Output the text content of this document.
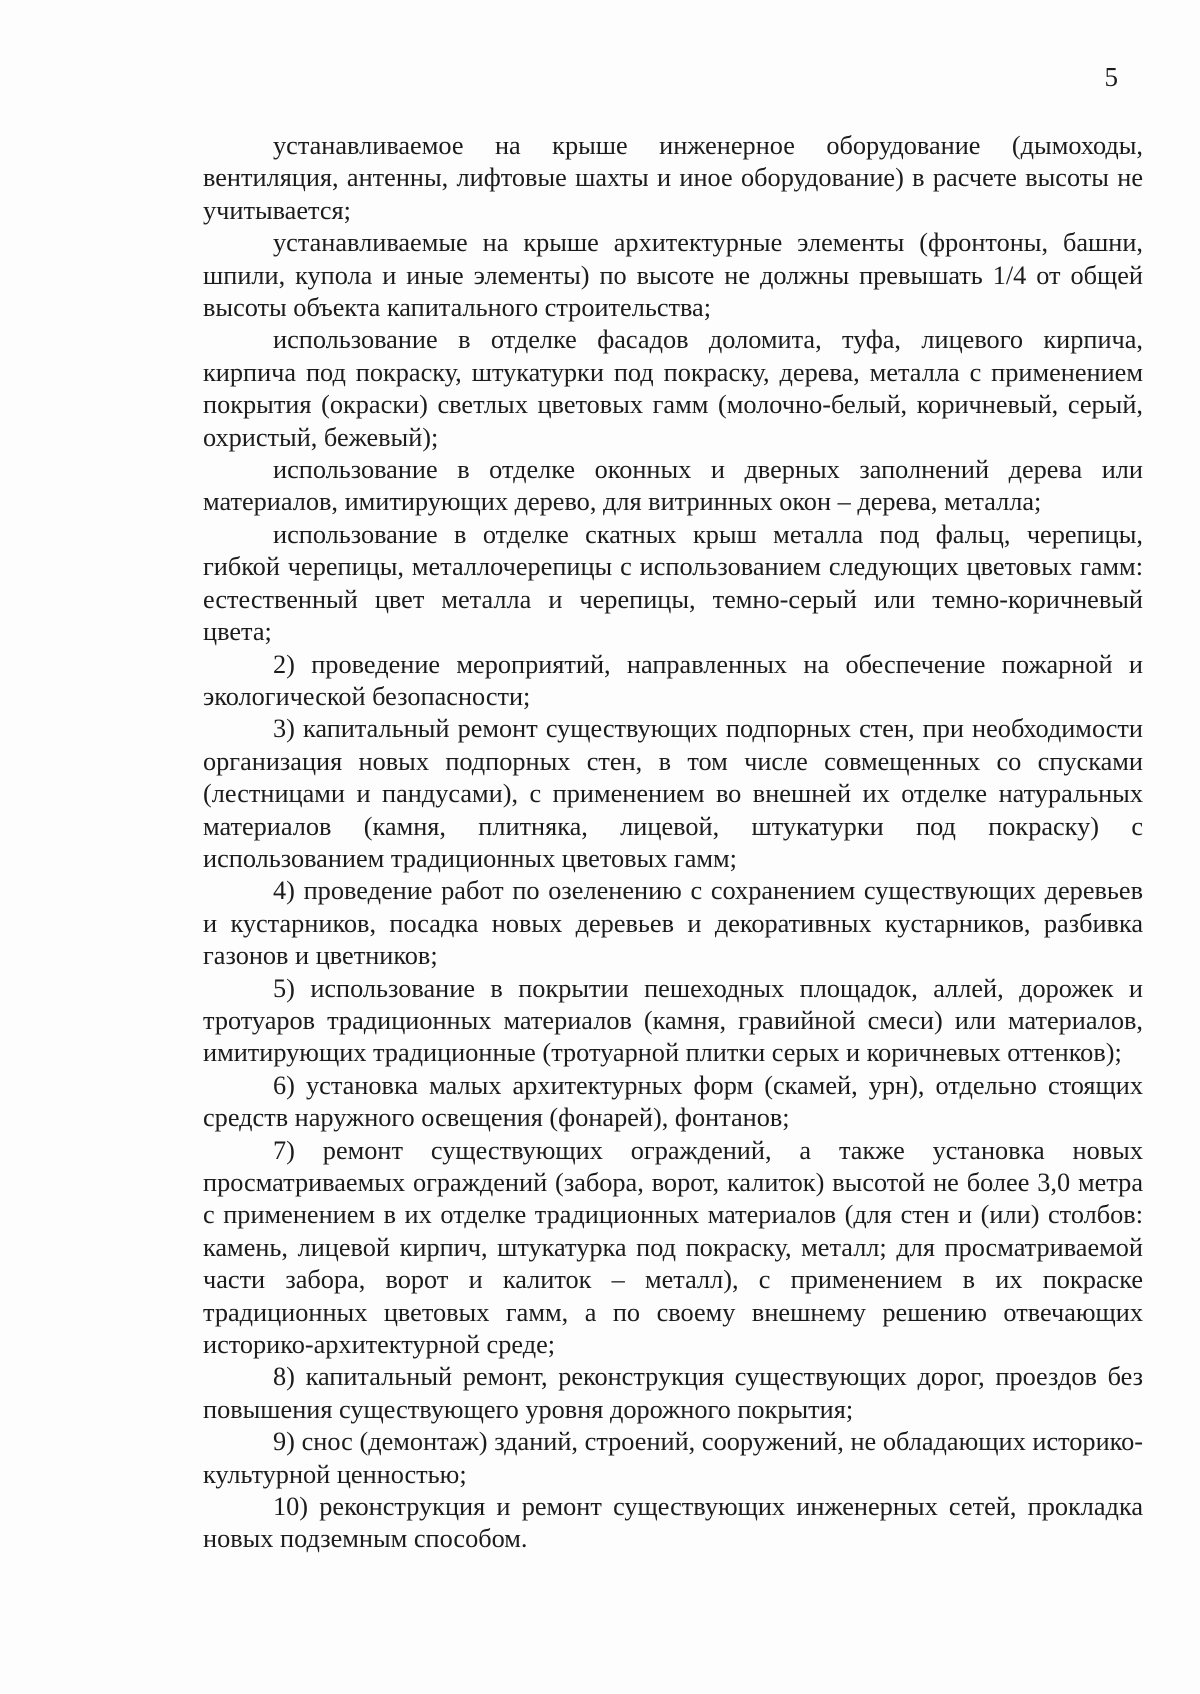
5

устанавливаемое на крыше инженерное оборудование (дымоходы, вентиляция, антенны, лифтовые шахты и иное оборудование) в расчете высоты не учитывается;

устанавливаемые на крыше архитектурные элементы (фронтоны, башни, шпили, купола и иные элементы) по высоте не должны превышать 1/4 от общей высоты объекта капитального строительства;

использование в отделке фасадов доломита, туфа, лицевого кирпича, кирпича под покраску, штукатурки под покраску, дерева, металла с применением покрытия (окраски) светлых цветовых гамм (молочно-белый, коричневый, серый, охристый, бежевый);

использование в отделке оконных и дверных заполнений дерева или материалов, имитирующих дерево, для витринных окон – дерева, металла;

использование в отделке скатных крыш металла под фальц, черепицы, гибкой черепицы, металлочерепицы с использованием следующих цветовых гамм: естественный цвет металла и черепицы, темно-серый или темно-коричневый цвета;

2) проведение мероприятий, направленных на обеспечение пожарной и экологической безопасности;

3) капитальный ремонт существующих подпорных стен, при необходимости организация новых подпорных стен, в том числе совмещенных со спусками (лестницами и пандусами), с применением во внешней их отделке натуральных материалов (камня, плитняка, лицевой, штукатурки под покраску) с использованием традиционных цветовых гамм;

4) проведение работ по озеленению с сохранением существующих деревьев и кустарников, посадка новых деревьев и декоративных кустарников, разбивка газонов и цветников;

5) использование в покрытии пешеходных площадок, аллей, дорожек и тротуаров традиционных материалов (камня, гравийной смеси) или материалов, имитирующих традиционные (тротуарной плитки серых и коричневых оттенков);

6) установка малых архитектурных форм (скамей, урн), отдельно стоящих средств наружного освещения (фонарей), фонтанов;

7) ремонт существующих ограждений, а также установка новых просматриваемых ограждений (забора, ворот, калиток) высотой не более 3,0 метра с применением в их отделке традиционных материалов (для стен и (или) столбов: камень, лицевой кирпич, штукатурка под покраску, металл; для просматриваемой части забора, ворот и калиток – металл), с применением в их покраске традиционных цветовых гамм, а по своему внешнему решению отвечающих историко-архитектурной среде;

8) капитальный ремонт, реконструкция существующих дорог, проездов без повышения существующего уровня дорожного покрытия;

9) снос (демонтаж) зданий, строений, сооружений, не обладающих историко-культурной ценностью;

10) реконструкция и ремонт существующих инженерных сетей, прокладка новых подземным способом.
